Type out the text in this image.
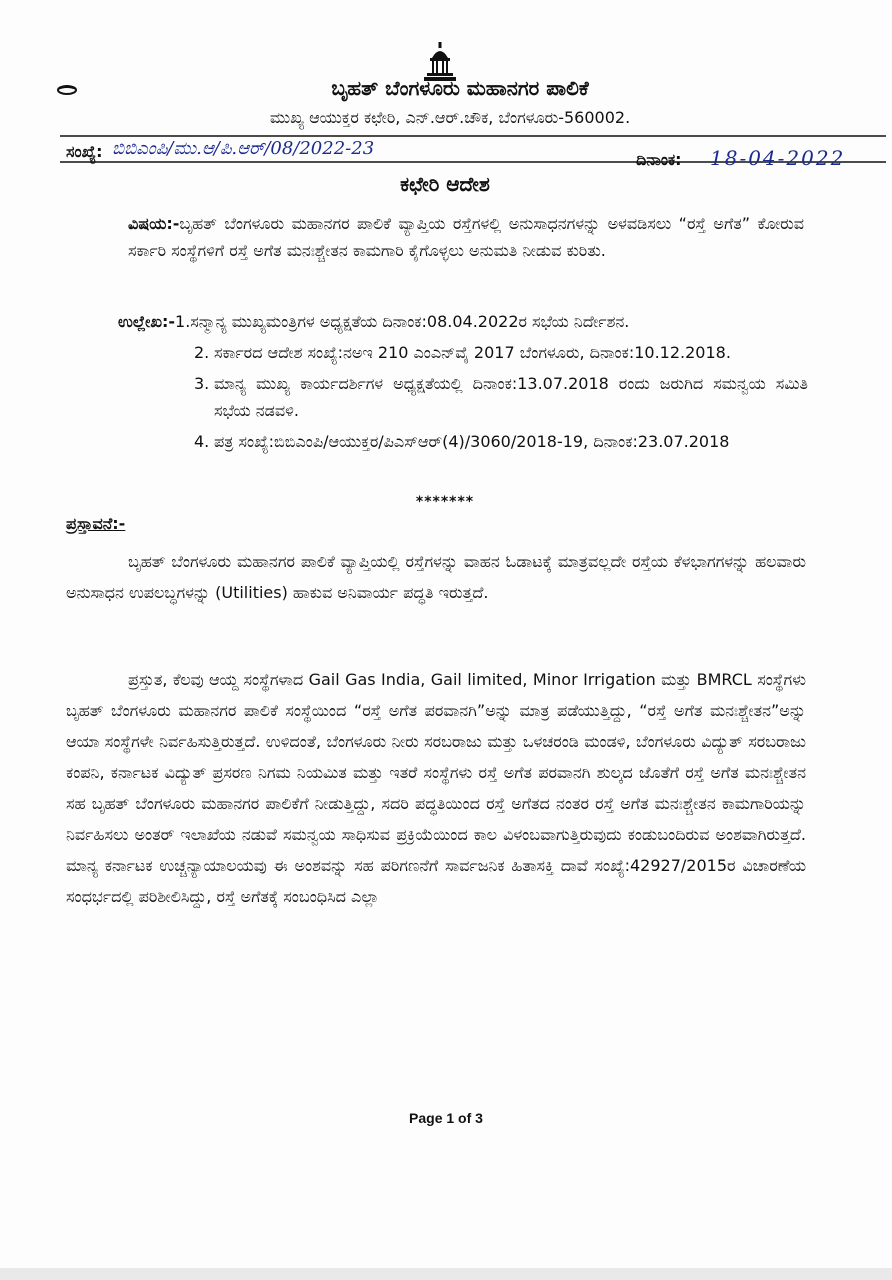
ಬೃಹತ್ ಬೆಂಗಳೂರು ಮಹಾನಗರ ಪಾಲಿಕೆ
ಮುಖ್ಯ ಆಯುಕ್ತರ ಕಛೇರಿ, ಎನ್.ಆರ್.ಚೌಕ, ಬೆಂಗಳೂರು-560002.
ಸಂಖ್ಯೆ: ಬಿಬಿಎಂಪಿ/ಮು.ಆ/ಪಿ.ಆರ್/08/2022-23
ದಿನಾಂಕ: 18-04-2022
ಕಛೇರಿ ಆದೇಶ
ವಿಷಯ:-ಬೃಹತ್ ಬೆಂಗಳೂರು ಮಹಾನಗರ ಪಾಲಿಕೆ ವ್ಯಾಪ್ತಿಯ ರಸ್ತೆಗಳಲ್ಲಿ ಅನುಸಾಧನಗಳನ್ನು ಅಳವಡಿಸಲು “ರಸ್ತೆ ಅಗೆತ” ಕೋರುವ ಸರ್ಕಾರಿ ಸಂಸ್ಥೆಗಳಿಗೆ ರಸ್ತೆ ಅಗೆತ ಮನಃಶ್ಚೇತನ ಕಾಮಗಾರಿ ಕೈಗೊಳ್ಳಲು ಅನುಮತಿ ನೀಡುವ ಕುರಿತು.
ಉಲ್ಲೇಖ:-1.ಸನ್ಮಾನ್ಯ ಮುಖ್ಯಮಂತ್ರಿಗಳ ಅಧ್ಯಕ್ಷತೆಯ ದಿನಾಂಕ:08.04.2022ರ ಸಭೆಯ ನಿರ್ದೇಶನ.
2. ಸರ್ಕಾರದ ಆದೇಶ ಸಂಖ್ಯೆ:ನಅಇ 210 ಎಂಎನ್‌ವೈ 2017 ಬೆಂಗಳೂರು, ದಿನಾಂಕ:10.12.2018.
3. ಮಾನ್ಯ ಮುಖ್ಯ ಕಾರ್ಯದರ್ಶಿಗಳ ಅಧ್ಯಕ್ಷತೆಯಲ್ಲಿ ದಿನಾಂಕ:13.07.2018 ರಂದು ಜರುಗಿದ ಸಮನ್ವಯ ಸಮಿತಿ ಸಭೆಯ ನಡವಳಿ.
4. ಪತ್ರ ಸಂಖ್ಯೆ:ಬಿಬಿಎಂಪಿ/ಆಯುಕ್ತರ/ಪಿಎಸ್‌ಆರ್(4)/3060/2018-19, ದಿನಾಂಕ:23.07.2018
*******
ಪ್ರಸ್ತಾವನೆ:-
ಬೃಹತ್ ಬೆಂಗಳೂರು ಮಹಾನಗರ ಪಾಲಿಕೆ ವ್ಯಾಪ್ತಿಯಲ್ಲಿ ರಸ್ತೆಗಳನ್ನು ವಾಹನ ಓಡಾಟಕ್ಕೆ ಮಾತ್ರವಲ್ಲದೇ ರಸ್ತೆಯ ಕೆಳಭಾಗಗಳನ್ನು ಹಲವಾರು ಅನುಸಾಧನ ಉಪಲಬ್ಧಗಳನ್ನು (Utilities) ಹಾಕುವ ಅನಿವಾರ್ಯ ಪದ್ಧತಿ ಇರುತ್ತದೆ.
ಪ್ರಸ್ತುತ, ಕೆಲವು ಆಯ್ದ ಸಂಸ್ಥೆಗಳಾದ Gail Gas India, Gail limited, Minor Irrigation ಮತ್ತು BMRCL ಸಂಸ್ಥೆಗಳು ಬೃಹತ್ ಬೆಂಗಳೂರು ಮಹಾನಗರ ಪಾಲಿಕೆ ಸಂಸ್ಥೆಯಿಂದ “ರಸ್ತೆ ಅಗೆತ ಪರವಾನಗಿ”ಅನ್ನು ಮಾತ್ರ ಪಡೆಯುತ್ತಿದ್ದು, “ರಸ್ತೆ ಅಗೆತ ಮನಃಶ್ಚೇತನ”ಅನ್ನು ಆಯಾ ಸಂಸ್ಥೆಗಳೇ ನಿರ್ವಹಿಸುತ್ತಿರುತ್ತದೆ. ಉಳಿದಂತೆ, ಬೆಂಗಳೂರು ನೀರು ಸರಬರಾಜು ಮತ್ತು ಒಳಚರಂಡಿ ಮಂಡಳಿ, ಬೆಂಗಳೂರು ವಿದ್ಯುತ್ ಸರಬರಾಜು ಕಂಪನಿ, ಕರ್ನಾಟಕ ವಿದ್ಯುತ್ ಪ್ರಸರಣ ನಿಗಮ ನಿಯಮಿತ ಮತ್ತು ಇತರೆ ಸಂಸ್ಥೆಗಳು ರಸ್ತೆ ಅಗೆತ ಪರವಾನಗಿ ಶುಲ್ಕದ ಜೊತೆಗೆ ರಸ್ತೆ ಅಗೆತ ಮನಃಶ್ಚೇತನ ಸಹ ಬೃಹತ್ ಬೆಂಗಳೂರು ಮಹಾನಗರ ಪಾಲಿಕೆಗೆ ನೀಡುತ್ತಿದ್ದು, ಸದರಿ ಪದ್ಧತಿಯಿಂದ ರಸ್ತೆ ಅಗೆತದ ನಂತರ ರಸ್ತೆ ಅಗೆತ ಮನಃಶ್ಚೇತನ ಕಾಮಗಾರಿಯನ್ನು ನಿರ್ವಹಿಸಲು ಅಂತರ್ ಇಲಾಖೆಯ ನಡುವೆ ಸಮನ್ವಯ ಸಾಧಿಸುವ ಪ್ರಕ್ರಿಯೆಯಿಂದ ಕಾಲ ವಿಳಂಬವಾಗುತ್ತಿರುವುದು ಕಂಡುಬಂದಿರುವ ಅಂಶವಾಗಿರುತ್ತದೆ. ಮಾನ್ಯ ಕರ್ನಾಟಕ ಉಚ್ಚನ್ಯಾಯಾಲಯವು ಈ ಅಂಶವನ್ನು ಸಹ ಪರಿಗಣನೆಗೆ ಸಾರ್ವಜನಿಕ ಹಿತಾಸಕ್ತಿ ದಾವೆ ಸಂಖ್ಯೆ:42927/2015ರ ವಿಚಾರಣೆಯ ಸಂಧರ್ಭದಲ್ಲಿ ಪರಿಶೀಲಿಸಿದ್ದು, ರಸ್ತೆ ಅಗೆತಕ್ಕೆ ಸಂಬಂಧಿಸಿದ ಎಲ್ಲಾ
Page 1 of 3
